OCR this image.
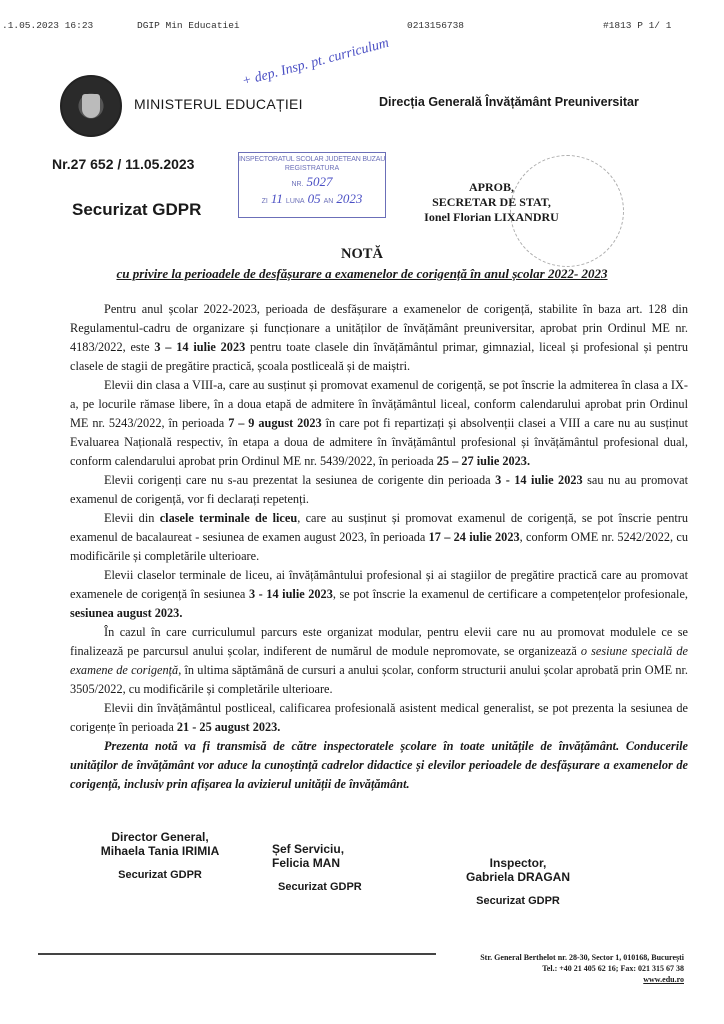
.1.05.2023 16:23	DGIP Min Educatiei	0213156738	#1813 P 1/ 1
+ dep. Insp. pt. curriculum
MINISTERUL EDUCAȚIEI	Direcția Generală Învățământ Preuniversitar
Nr.27 652 / 11.05.2023
Securizat GDPR
INSPECTORATUL SCOLAR JUDETEAN BUZAU
REGISTRATURA
NR. 5027
ZI 11 LUNA 05 AN 2023
APROB,
SECRETAR DE STAT,
Ionel Florian LIXANDRU
NOTĂ
cu privire la perioadele de desfășurare a examenelor de corigență în anul școlar 2022- 2023

Pentru anul școlar 2022-2023, perioada de desfășurare a examenelor de corigență, stabilite în baza art. 128 din Regulamentul-cadru de organizare și funcționare a unităților de învățământ preuniversitar, aprobat prin Ordinul ME nr. 4183/2022, este 3 – 14 iulie 2023 pentru toate clasele din învățământul primar, gimnazial, liceal și profesional și pentru clasele de stagii de pregătire practică, școala postliceală și de maiștri.

Elevii din clasa a VIII-a, care au susținut și promovat examenul de corigență, se pot înscrie la admiterea în clasa a IX-a, pe locurile rămase libere, în a doua etapă de admitere în învățământul liceal, conform calendarului aprobat prin Ordinul ME nr. 5243/2022, în perioada 7 – 9 august 2023 în care pot fi repartizați și absolvenții clasei a VIII a care nu au susținut Evaluarea Națională respectiv, în etapa a doua de admitere în învățământul profesional și învățământul profesional dual, conform calendarului aprobat prin Ordinul ME nr. 5439/2022, în perioada 25 – 27 iulie 2023.

Elevii corigenți care nu s-au prezentat la sesiunea de corigente din perioada 3 - 14 iulie 2023 sau nu au promovat examenul de corigență, vor fi declarați repetenți.

Elevii din clasele terminale de liceu, care au susținut și promovat examenul de corigență, se pot înscrie pentru examenul de bacalaureat - sesiunea de examen august 2023, în perioada 17 – 24 iulie 2023, conform OME nr. 5242/2022, cu modificările și completările ulterioare.

Elevii claselor terminale de liceu, ai învățământului profesional și ai stagiilor de pregătire practică care au promovat examenele de corigență în sesiunea 3 - 14 iulie 2023, se pot înscrie la examenul de certificare a competențelor profesionale, sesiunea august 2023.

În cazul în care curriculumul parcurs este organizat modular, pentru elevii care nu au promovat modulele ce se finalizează pe parcursul anului școlar, indiferent de numărul de module nepromovate, se organizează o sesiune specială de examene de corigență, în ultima săptămână de cursuri a anului școlar, conform structurii anului școlar aprobată prin OME nr. 3505/2022, cu modificările și completările ulterioare.

Elevii din învățământul postliceal, calificarea profesională asistent medical generalist, se pot prezenta la sesiunea de corigențe în perioada 21 - 25 august 2023.

Prezenta notă va fi transmisă de către inspectoratele școlare în toate unitățile de învățământ. Conducerile unităților de învățământ vor aduce la cunoștință cadrelor didactice și elevilor perioadele de desfășurare a examenelor de corigență, inclusiv prin afișarea la avizierul unității de învățământ.

Director General,
Mihaela Tania IRIMIA
Securizat GDPR
Șef Serviciu,
Felicia MAN
Securizat GDPR
Inspector,
Gabriela DRAGAN
Securizat GDPR
Str. General Berthelot nr. 28-30, Sector 1, 010168, București
Tel.: +40 21 405 62 16; Fax: 021 315 67 38
www.edu.ro
